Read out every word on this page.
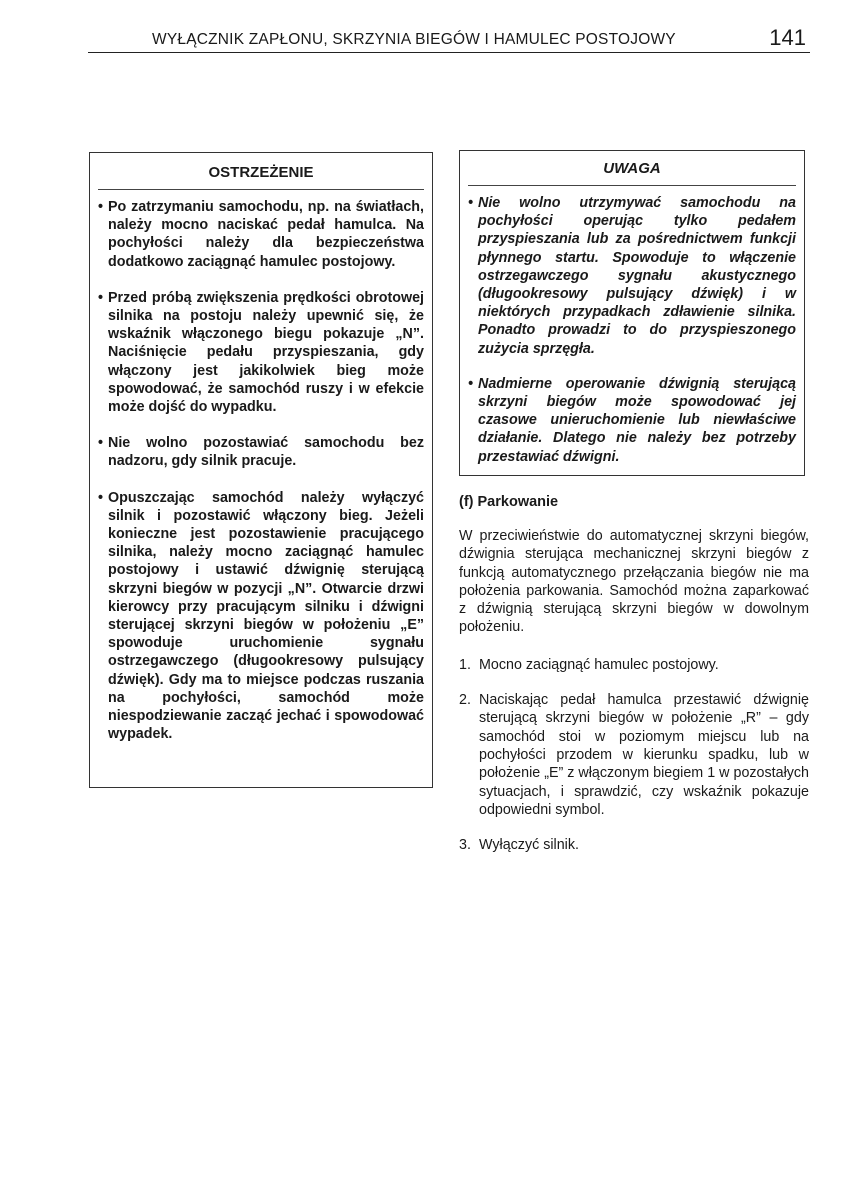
WYŁĄCZNIK ZAPŁONU, SKRZYNIA BIEGÓW I HAMULEC POSTOJOWY	141
OSTRZEŻENIE
• Po zatrzymaniu samochodu, np. na światłach, należy mocno naciskać pedał hamulca. Na pochyłości należy dla bezpieczeństwa dodatkowo zaciągnąć hamulec postojowy.
• Przed próbą zwiększenia prędkości obrotowej silnika na postoju należy upewnić się, że wskaźnik włączonego biegu pokazuje „N”. Naciśnięcie pedału przyspieszania, gdy włączony jest jakikolwiek bieg może spowodować, że samochód ruszy i w efekcie może dojść do wypadku.
• Nie wolno pozostawiać samochodu bez nadzoru, gdy silnik pracuje.
• Opuszczając samochód należy wyłączyć silnik i pozostawić włączony bieg. Jeżeli konieczne jest pozostawienie pracującego silnika, należy mocno zaciągnąć hamulec postojowy i ustawić dźwignię sterującą skrzyni biegów w pozycji „N”. Otwarcie drzwi kierowcy przy pracującym silniku i dźwigni sterującej skrzyni biegów w położeniu „E” spowoduje uruchomienie sygnału ostrzegawczego (długookresowy pulsujący dźwięk). Gdy ma to miejsce podczas ruszania na pochyłości, samochód może niespodziewanie zacząć jechać i spowodować wypadek.
UWAGA
• Nie wolno utrzymywać samochodu na pochyłości operując tylko pedałem przyspieszania lub za pośrednictwem funkcji płynnego startu. Spowoduje to włączenie ostrzegawczego sygnału akustycznego (długookresowy pulsujący dźwięk) i w niektórych przypadkach zdławienie silnika. Ponadto prowadzi to do przyspieszonego zużycia sprzęgła.
• Nadmierne operowanie dźwignią sterującą skrzyni biegów może spowodować jej czasowe unieruchomienie lub niewłaściwe działanie. Dlatego nie należy bez potrzeby przestawiać dźwigni.
(f) Parkowanie

W przeciwieństwie do automatycznej skrzyni biegów, dźwignia sterująca mechanicznej skrzyni biegów z funkcją automatycznego przełączania biegów nie ma położenia parkowania. Samochód można zaparkować z dźwignią sterującą skrzyni biegów w dowolnym położeniu.

1. Mocno zaciągnąć hamulec postojowy.
2. Naciskając pedał hamulca przestawić dźwignię sterującą skrzyni biegów w położenie „R” – gdy samochód stoi w poziomym miejscu lub na pochyłości przodem w kierunku spadku, lub w położenie „E” z włączonym biegiem 1 w pozostałych sytuacjach, i sprawdzić, czy wskaźnik pokazuje odpowiedni symbol.
3. Wyłączyć silnik.
